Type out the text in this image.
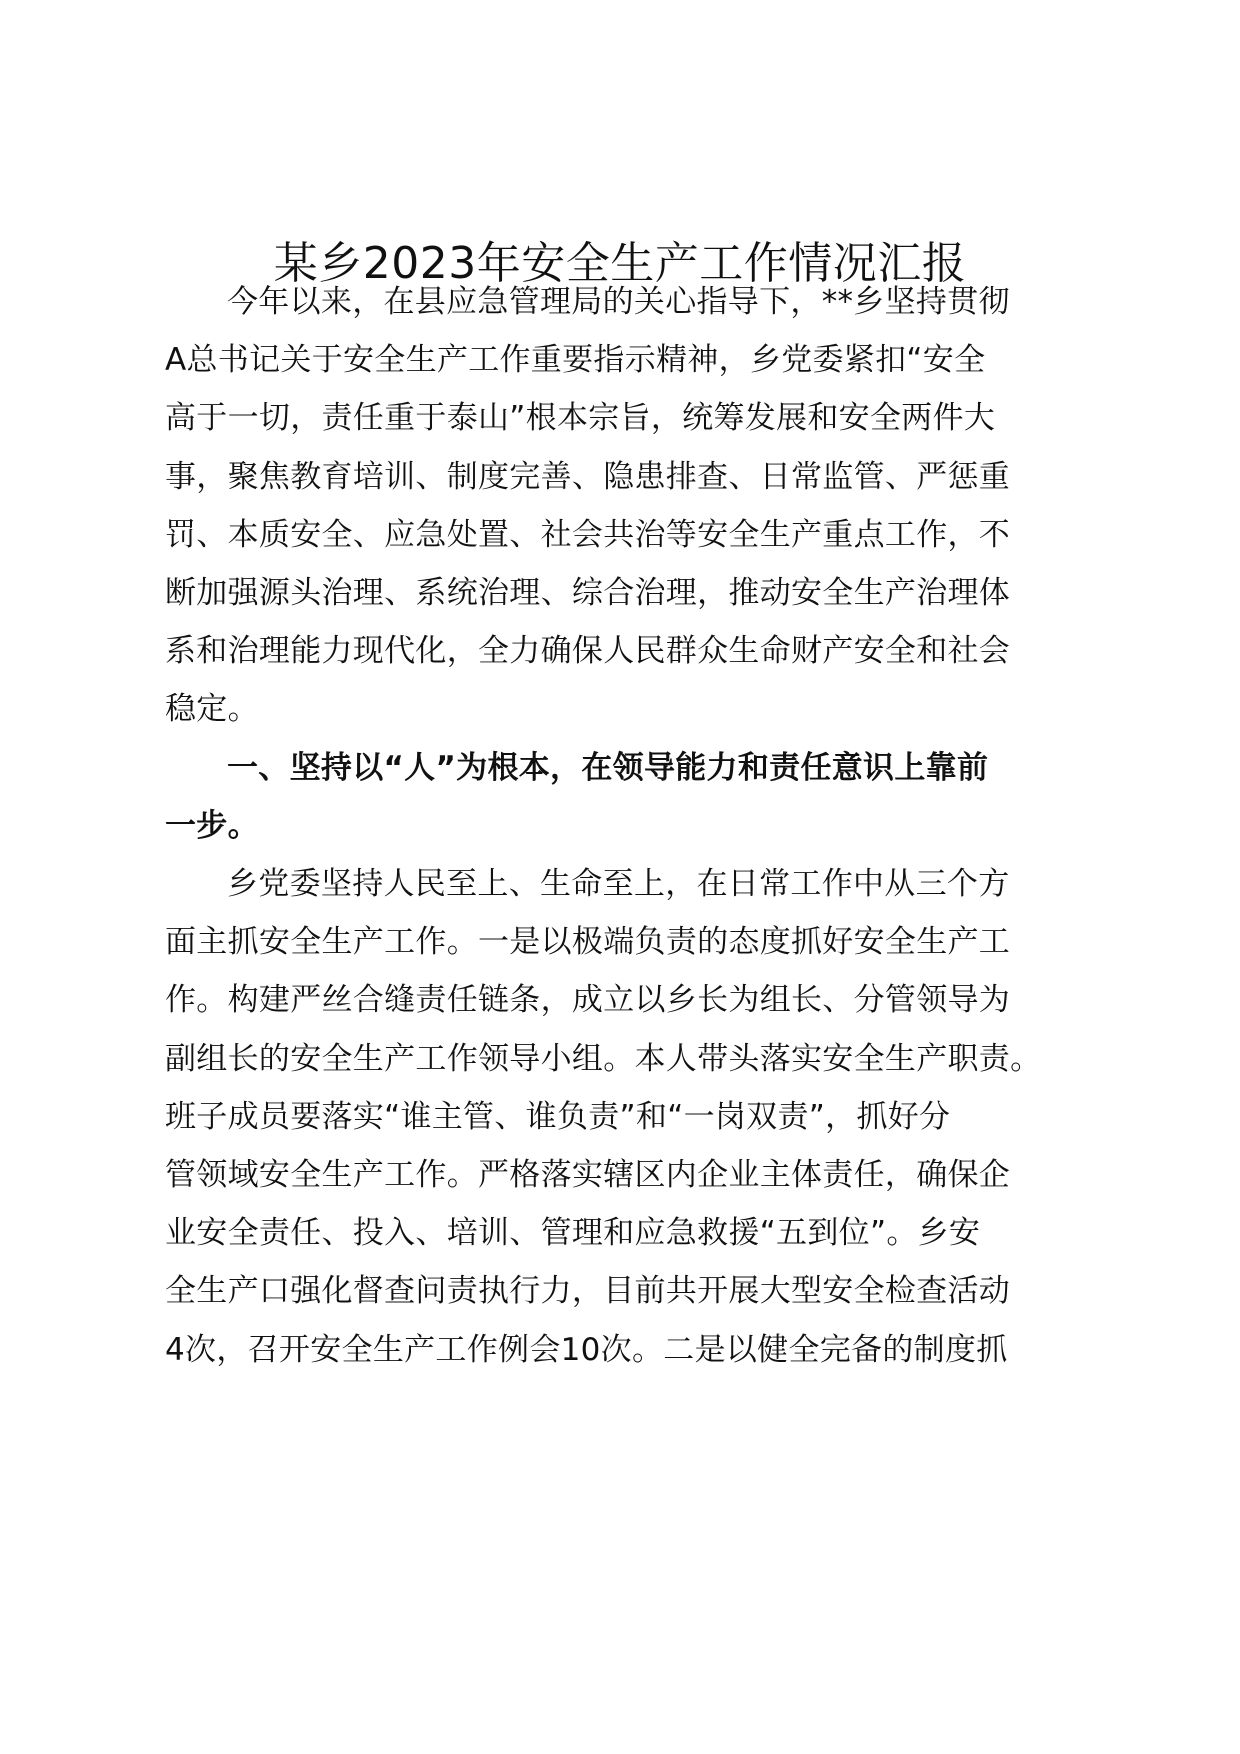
某乡2023年安全生产工作情况汇报
今年以来，在县应急管理局的关心指导下，**乡坚持贯彻
A总书记关于安全生产工作重要指示精神，乡党委紧扣“安全
高于一切，责任重于泰山”根本宗旨，统筹发展和安全两件大
事，聚焦教育培训、制度完善、隐患排查、日常监管、严惩重
罚、本质安全、应急处置、社会共治等安全生产重点工作，不
断加强源头治理、系统治理、综合治理，推动安全生产治理体
系和治理能力现代化，全力确保人民群众生命财产安全和社会
稳定。
一、坚持以“人”为根本，在领导能力和责任意识上靠前
一步。
乡党委坚持人民至上、生命至上，在日常工作中从三个方
面主抓安全生产工作。一是以极端负责的态度抓好安全生产工
作。构建严丝合缝责任链条，成立以乡长为组长、分管领导为
副组长的安全生产工作领导小组。本人带头落实安全生产职责。
班子成员要落实“谁主管、谁负责”和“一岗双责”，抓好分
管领域安全生产工作。严格落实辖区内企业主体责任，确保企
业安全责任、投入、培训、管理和应急救援“五到位”。乡安
全生产口强化督查问责执行力，目前共开展大型安全检查活动
4次，召开安全生产工作例会10次。二是以健全完备的制度抓
